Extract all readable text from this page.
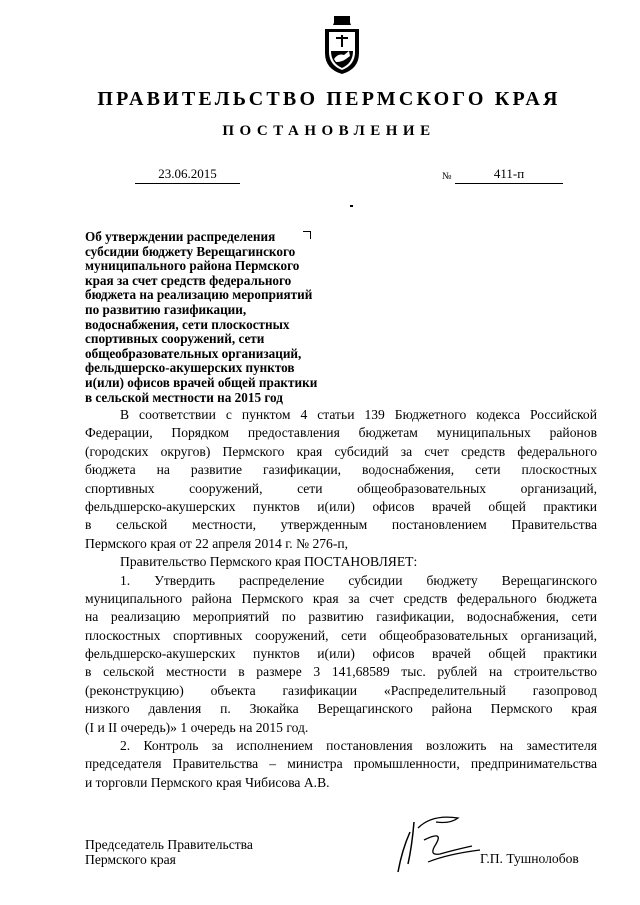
ПРАВИТЕЛЬСТВО ПЕРМСКОГО КРАЯ
ПОСТАНОВЛЕНИЕ
23.06.2015	№	411-п
Об утверждении распределения
субсидии бюджету Верещагинского
муниципального района Пермского
края за счет средств федерального
бюджета на реализацию мероприятий
по развитию газификации,
водоснабжения, сети плоскостных
спортивных сооружений, сети
общеобразовательных организаций,
фельдшерско-акушерских пунктов
и(или) офисов врачей общей практики
в сельской местности на 2015 год
В соответствии с пунктом 4 статьи 139 Бюджетного кодекса Российской
Федерации, Порядком предоставления бюджетам муниципальных районов
(городских округов) Пермского края субсидий за счет средств федерального
бюджета на развитие газификации, водоснабжения, сети плоскостных
спортивных сооружений, сети общеобразовательных организаций,
фельдшерско-акушерских пунктов и(или) офисов врачей общей практики
в сельской местности, утвержденным постановлением Правительства
Пермского края от 22 апреля 2014 г. № 276-п,
Правительство Пермского края ПОСТАНОВЛЯЕТ:
1. Утвердить распределение субсидии бюджету Верещагинского
муниципального района Пермского края за счет средств федерального бюджета
на реализацию мероприятий по развитию газификации, водоснабжения, сети
плоскостных спортивных сооружений, сети общеобразовательных организаций,
фельдшерско-акушерских пунктов и(или) офисов врачей общей практики
в сельской местности в размере 3 141,68589 тыс. рублей на строительство
(реконструкцию) объекта газификации «Распределительный газопровод
низкого давления п. Зюкайка Верещагинского района Пермского края
(I и II очередь)» 1 очередь на 2015 год.
2. Контроль за исполнением постановления возложить на заместителя
председателя Правительства – министра промышленности, предпринимательства
и торговли Пермского края Чибисова А.В.
Председатель Правительства
Пермского края	Г.П. Тушнолобов
